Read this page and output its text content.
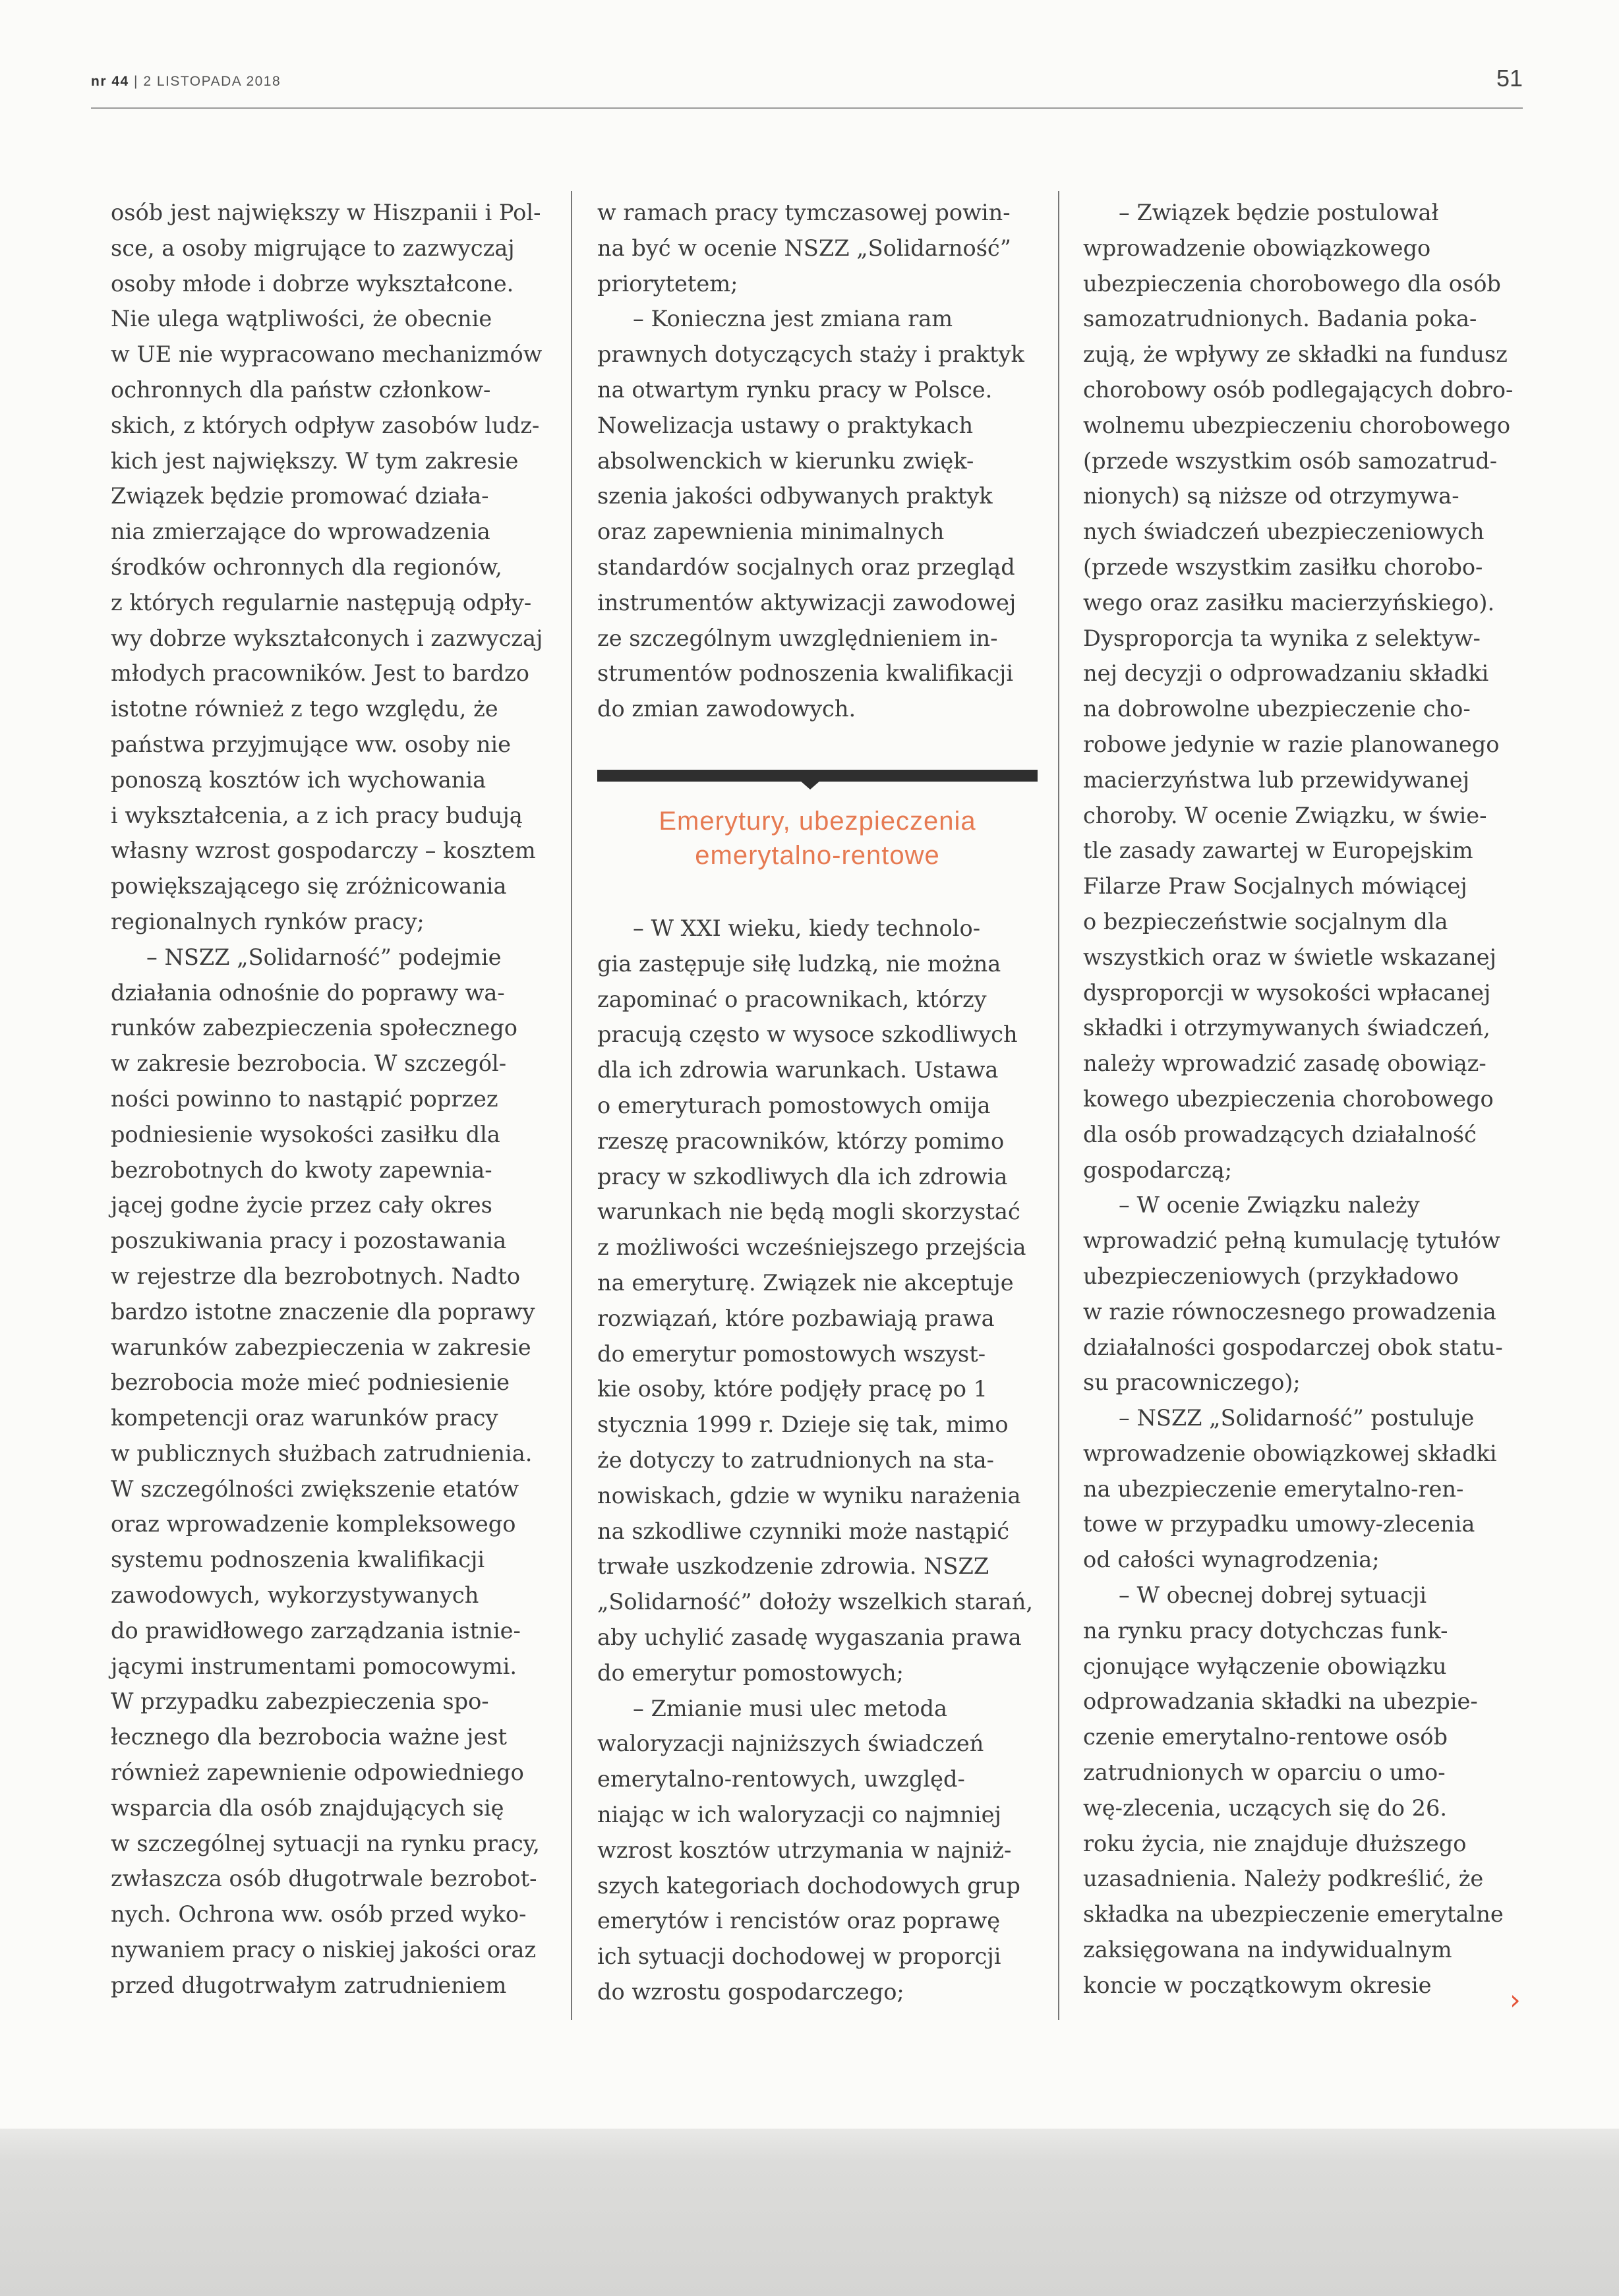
nr 44 | 2 LISTOPADA 2018	51
osób jest największy w Hiszpanii i Pol-
sce, a osoby migrujące to zazwyczaj
osoby młode i dobrze wykształcone.
Nie ulega wątpliwości, że obecnie
w UE nie wypracowano mechanizmów
ochronnych dla państw członkow-
skich, z których odpływ zasobów ludz-
kich jest największy. W tym zakresie
Związek będzie promować działa-
nia zmierzające do wprowadzenia
środków ochronnych dla regionów,
z których regularnie następują odpły-
wy dobrze wykształconych i zazwyczaj
młodych pracowników. Jest to bardzo
istotne również z tego względu, że
państwa przyjmujące ww. osoby nie
ponoszą kosztów ich wychowania
i wykształcenia, a z ich pracy budują
własny wzrost gospodarczy – kosztem
powiększającego się zróżnicowania
regionalnych rynków pracy;
– NSZZ „Solidarność” podejmie
działania odnośnie do poprawy wa-
runków zabezpieczenia społecznego
w zakresie bezrobocia. W szczegól-
ności powinno to nastąpić poprzez
podniesienie wysokości zasiłku dla
bezrobotnych do kwoty zapewnia-
jącej godne życie przez cały okres
poszukiwania pracy i pozostawania
w rejestrze dla bezrobotnych. Nadto
bardzo istotne znaczenie dla poprawy
warunków zabezpieczenia w zakresie
bezrobocia może mieć podniesienie
kompetencji oraz warunków pracy
w publicznych służbach zatrudnienia.
W szczególności zwiększenie etatów
oraz wprowadzenie kompleksowego
systemu podnoszenia kwalifikacji
zawodowych, wykorzystywanych
do prawidłowego zarządzania istnie-
jącymi instrumentami pomocowymi.
W przypadku zabezpieczenia spo-
łecznego dla bezrobocia ważne jest
również zapewnienie odpowiedniego
wsparcia dla osób znajdujących się
w szczególnej sytuacji na rynku pracy,
zwłaszcza osób długotrwale bezrobot-
nych. Ochrona ww. osób przed wyko-
nywaniem pracy o niskiej jakości oraz
przed długotrwałym zatrudnieniem
w ramach pracy tymczasowej powin-
na być w ocenie NSZZ „Solidarność”
priorytetem;
– Konieczna jest zmiana ram
prawnych dotyczących staży i praktyk
na otwartym rynku pracy w Polsce.
Nowelizacja ustawy o praktykach
absolwenckich w kierunku zwięk-
szenia jakości odbywanych praktyk
oraz zapewnienia minimalnych
standardów socjalnych oraz przegląd
instrumentów aktywizacji zawodowej
ze szczególnym uwzględnieniem in-
strumentów podnoszenia kwalifikacji
do zmian zawodowych.
Emerytury, ubezpieczenia
emerytalno-rentowe
– W XXI wieku, kiedy technolo-
gia zastępuje siłę ludzką, nie można
zapominać o pracownikach, którzy
pracują często w wysoce szkodliwych
dla ich zdrowia warunkach. Ustawa
o emeryturach pomostowych omija
rzeszę pracowników, którzy pomimo
pracy w szkodliwych dla ich zdrowia
warunkach nie będą mogli skorzystać
z możliwości wcześniejszego przejścia
na emeryturę. Związek nie akceptuje
rozwiązań, które pozbawiają prawa
do emerytur pomostowych wszyst-
kie osoby, które podjęły pracę po 1
stycznia 1999 r. Dzieje się tak, mimo
że dotyczy to zatrudnionych na sta-
nowiskach, gdzie w wyniku narażenia
na szkodliwe czynniki może nastąpić
trwałe uszkodzenie zdrowia. NSZZ
„Solidarność” dołoży wszelkich starań,
aby uchylić zasadę wygaszania prawa
do emerytur pomostowych;
– Zmianie musi ulec metoda
waloryzacji najniższych świadczeń
emerytalno-rentowych, uwzględ-
niając w ich waloryzacji co najmniej
wzrost kosztów utrzymania w najniż-
szych kategoriach dochodowych grup
emerytów i rencistów oraz poprawę
ich sytuacji dochodowej w proporcji
do wzrostu gospodarczego;
– Związek będzie postulował
wprowadzenie obowiązkowego
ubezpieczenia chorobowego dla osób
samozatrudnionych. Badania poka-
zują, że wpływy ze składki na fundusz
chorobowy osób podlegających dobro-
wolnemu ubezpieczeniu chorobowego
(przede wszystkim osób samozatrud-
nionych) są niższe od otrzymywa-
nych świadczeń ubezpieczeniowych
(przede wszystkim zasiłku chorobo-
wego oraz zasiłku macierzyńskiego).
Dysproporcja ta wynika z selektyw-
nej decyzji o odprowadzaniu składki
na dobrowolne ubezpieczenie cho-
robowe jedynie w razie planowanego
macierzyństwa lub przewidywanej
choroby. W ocenie Związku, w świe-
tle zasady zawartej w Europejskim
Filarze Praw Socjalnych mówiącej
o bezpieczeństwie socjalnym dla
wszystkich oraz w świetle wskazanej
dysproporcji w wysokości wpłacanej
składki i otrzymywanych świadczeń,
należy wprowadzić zasadę obowiąz-
kowego ubezpieczenia chorobowego
dla osób prowadzących działalność
gospodarczą;
– W ocenie Związku należy
wprowadzić pełną kumulację tytułów
ubezpieczeniowych (przykładowo
w razie równoczesnego prowadzenia
działalności gospodarczej obok statu-
su pracowniczego);
– NSZZ „Solidarność” postuluje
wprowadzenie obowiązkowej składki
na ubezpieczenie emerytalno-ren-
towe w przypadku umowy-zlecenia
od całości wynagrodzenia;
– W obecnej dobrej sytuacji
na rynku pracy dotychczas funk-
cjonujące wyłączenie obowiązku
odprowadzania składki na ubezpie-
czenie emerytalno-rentowe osób
zatrudnionych w oparciu o umo-
wę-zlecenia, uczących się do 26.
roku życia, nie znajduje dłuższego
uzasadnienia. Należy podkreślić, że
składka na ubezpieczenie emerytalne
zaksięgowana na indywidualnym
koncie w początkowym okresie	›
